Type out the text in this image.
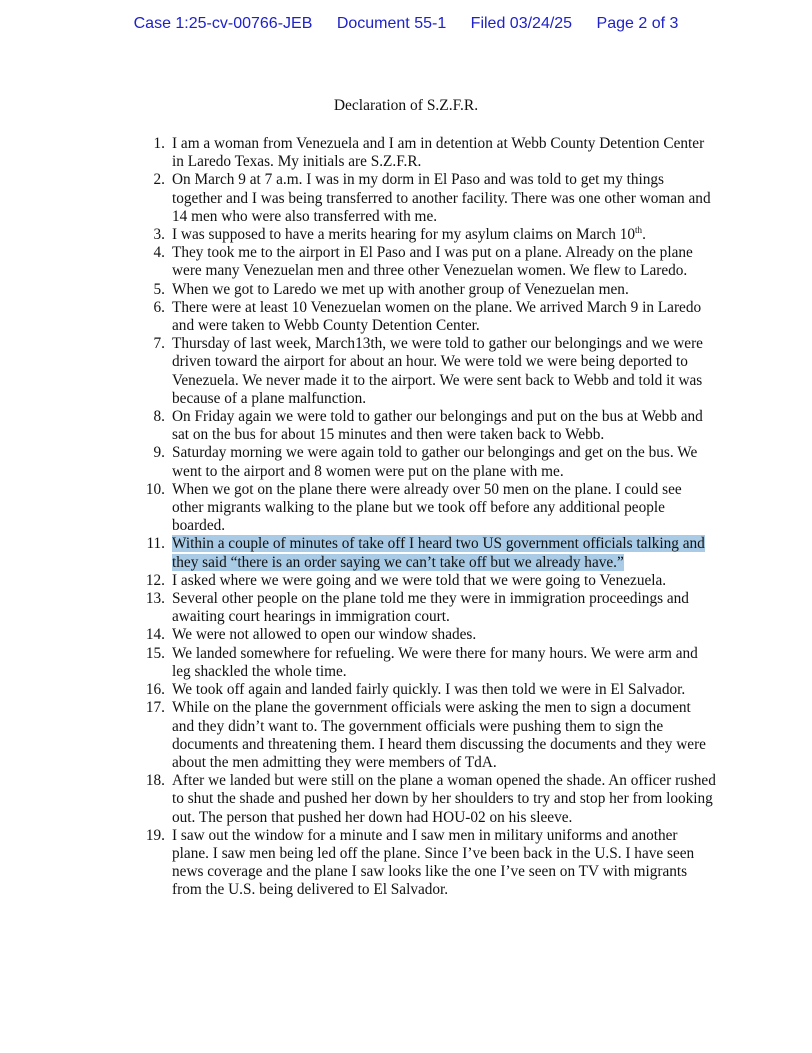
Case 1:25-cv-00766-JEB Document 55-1 Filed 03/24/25 Page 2 of 3
Declaration of S.Z.F.R.
1. I am a woman from Venezuela and I am in detention at Webb County Detention Center in Laredo Texas. My initials are S.Z.F.R.
2. On March 9 at 7 a.m. I was in my dorm in El Paso and was told to get my things together and I was being transferred to another facility. There was one other woman and 14 men who were also transferred with me.
3. I was supposed to have a merits hearing for my asylum claims on March 10th.
4. They took me to the airport in El Paso and I was put on a plane. Already on the plane were many Venezuelan men and three other Venezuelan women. We flew to Laredo.
5. When we got to Laredo we met up with another group of Venezuelan men.
6. There were at least 10 Venezuelan women on the plane. We arrived March 9 in Laredo and were taken to Webb County Detention Center.
7. Thursday of last week, March13th, we were told to gather our belongings and we were driven toward the airport for about an hour. We were told we were being deported to Venezuela. We never made it to the airport. We were sent back to Webb and told it was because of a plane malfunction.
8. On Friday again we were told to gather our belongings and put on the bus at Webb and sat on the bus for about 15 minutes and then were taken back to Webb.
9. Saturday morning we were again told to gather our belongings and get on the bus. We went to the airport and 8 women were put on the plane with me.
10. When we got on the plane there were already over 50 men on the plane. I could see other migrants walking to the plane but we took off before any additional people boarded.
11. Within a couple of minutes of take off I heard two US government officials talking and they said “there is an order saying we can’t take off but we already have.”
12. I asked where we were going and we were told that we were going to Venezuela.
13. Several other people on the plane told me they were in immigration proceedings and awaiting court hearings in immigration court.
14. We were not allowed to open our window shades.
15. We landed somewhere for refueling. We were there for many hours. We were arm and leg shackled the whole time.
16. We took off again and landed fairly quickly. I was then told we were in El Salvador.
17. While on the plane the government officials were asking the men to sign a document and they didn’t want to. The government officials were pushing them to sign the documents and threatening them. I heard them discussing the documents and they were about the men admitting they were members of TdA.
18. After we landed but were still on the plane a woman opened the shade. An officer rushed to shut the shade and pushed her down by her shoulders to try and stop her from looking out. The person that pushed her down had HOU-02 on his sleeve.
19. I saw out the window for a minute and I saw men in military uniforms and another plane. I saw men being led off the plane. Since I’ve been back in the U.S. I have seen news coverage and the plane I saw looks like the one I’ve seen on TV with migrants from the U.S. being delivered to El Salvador.
